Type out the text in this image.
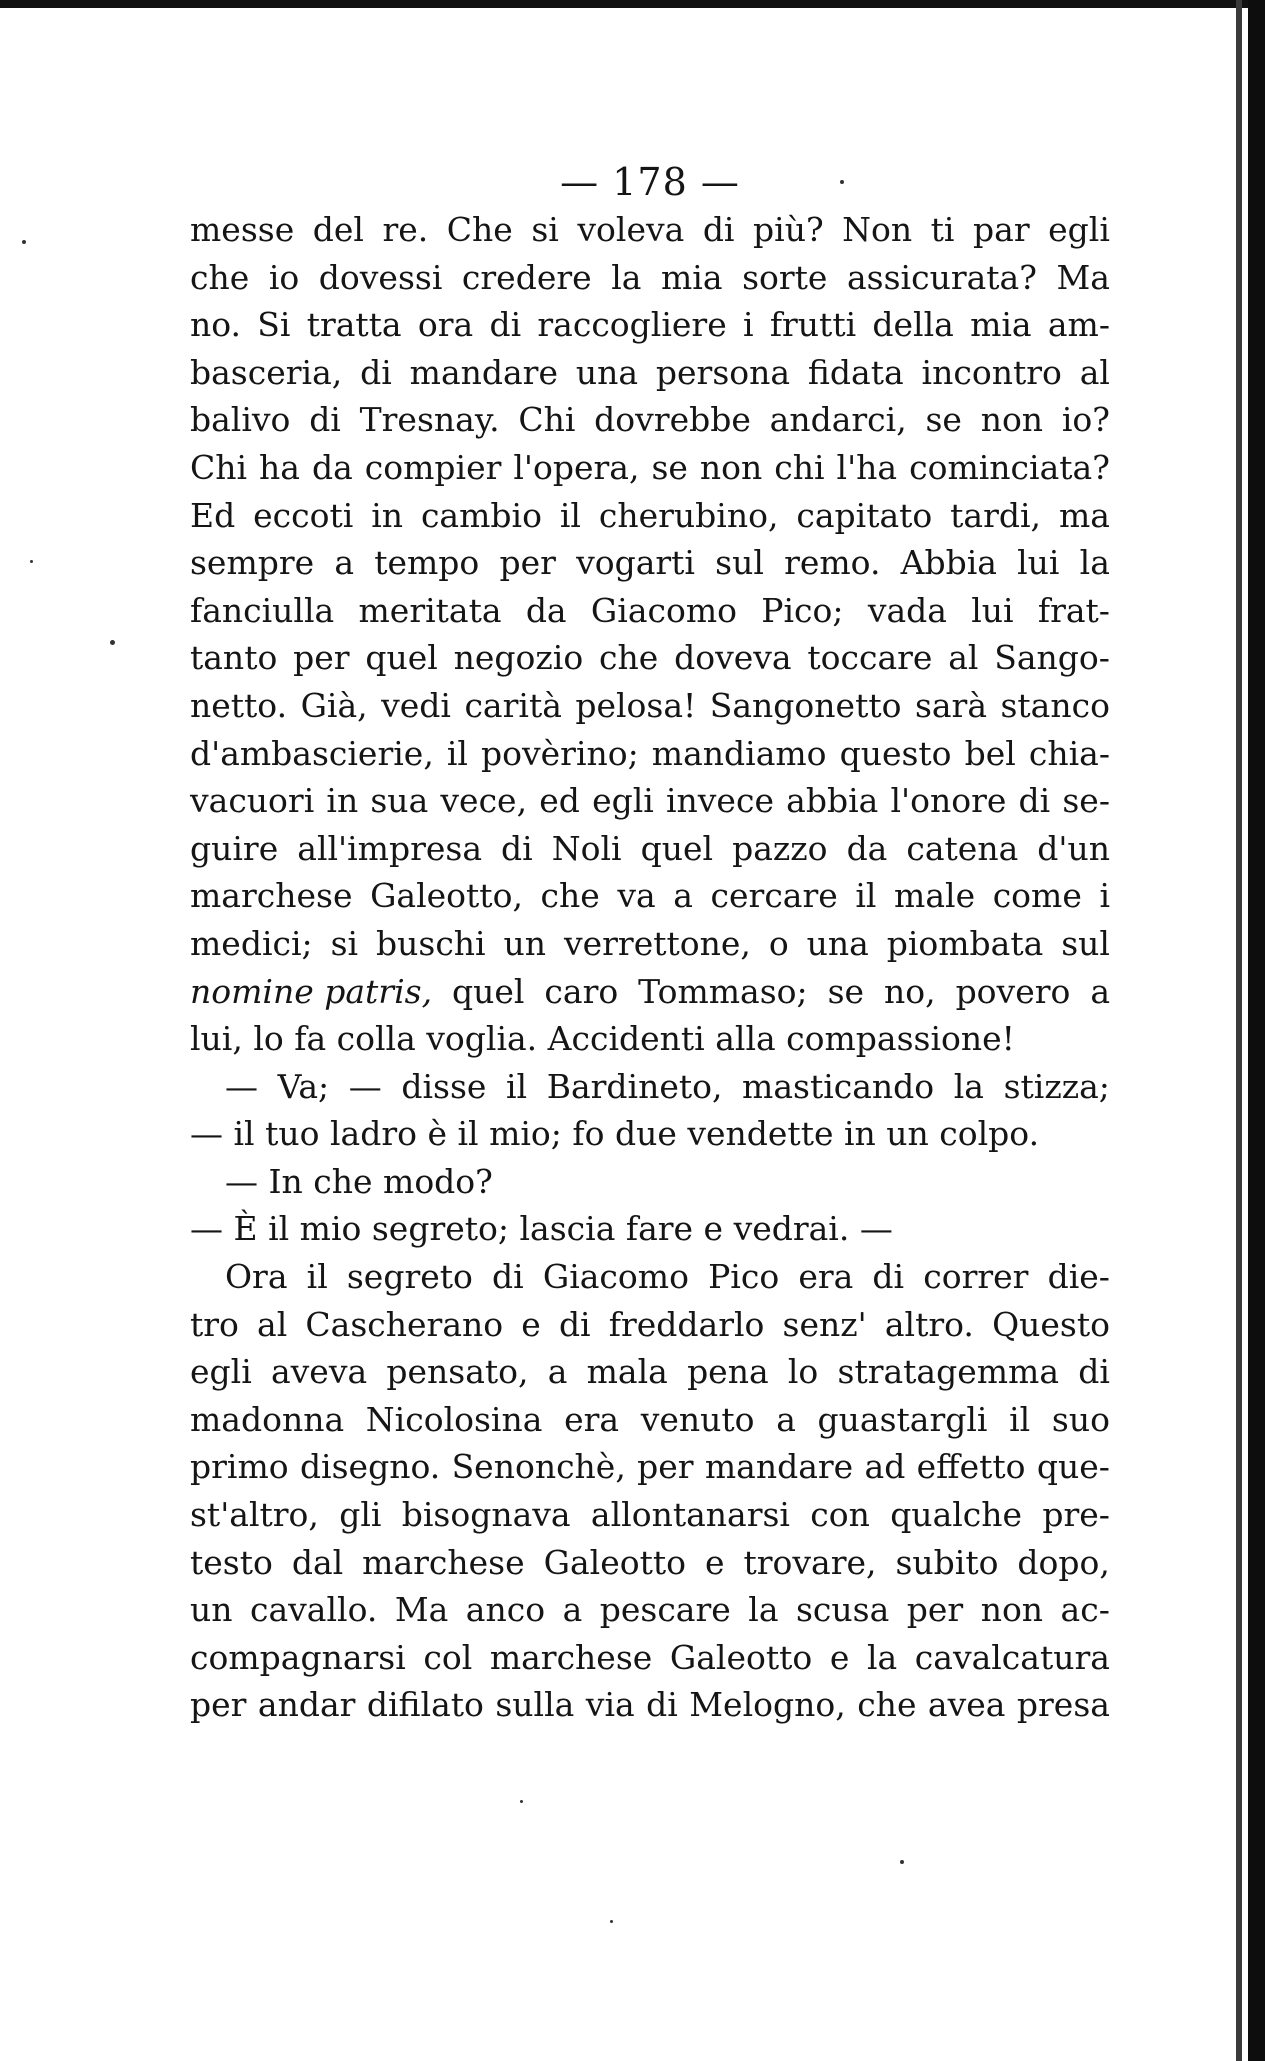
— 178 —
messe del re. Che si voleva di più? Non ti par egli
che io dovessi credere la mia sorte assicurata? Ma
no. Si tratta ora di raccogliere i frutti della mia am-
basceria, di mandare una persona fidata incontro al
balivo di Tresnay. Chi dovrebbe andarci, se non io?
Chi ha da compier l'opera, se non chi l'ha cominciata?
Ed eccoti in cambio il cherubino, capitato tardi, ma
sempre a tempo per vogarti sul remo. Abbia lui la
fanciulla meritata da Giacomo Pico; vada lui frat-
tanto per quel negozio che doveva toccare al Sango-
netto. Già, vedi carità pelosa! Sangonetto sarà stanco
d'ambascierie, il povèrino; mandiamo questo bel chia-
vacuori in sua vece, ed egli invece abbia l'onore di se-
guire all'impresa di Noli quel pazzo da catena d'un
marchese Galeotto, che va a cercare il male come i
medici; si buschi un verrettone, o una piombata sul
nomine patris, quel caro Tommaso; se no, povero a
lui, lo fa colla voglia. Accidenti alla compassione!
— Va; — disse il Bardineto, masticando la stizza;
— il tuo ladro è il mio; fo due vendette in un colpo.
— In che modo?
— È il mio segreto; lascia fare e vedrai. —
Ora il segreto di Giacomo Pico era di correr die-
tro al Cascherano e di freddarlo senz' altro. Questo
egli aveva pensato, a mala pena lo stratagemma di
madonna Nicolosina era venuto a guastargli il suo
primo disegno. Senonchè, per mandare ad effetto que-
st'altro, gli bisognava allontanarsi con qualche pre-
testo dal marchese Galeotto e trovare, subito dopo,
un cavallo. Ma anco a pescare la scusa per non ac-
compagnarsi col marchese Galeotto e la cavalcatura
per andar difilato sulla via di Melogno, che avea presa
